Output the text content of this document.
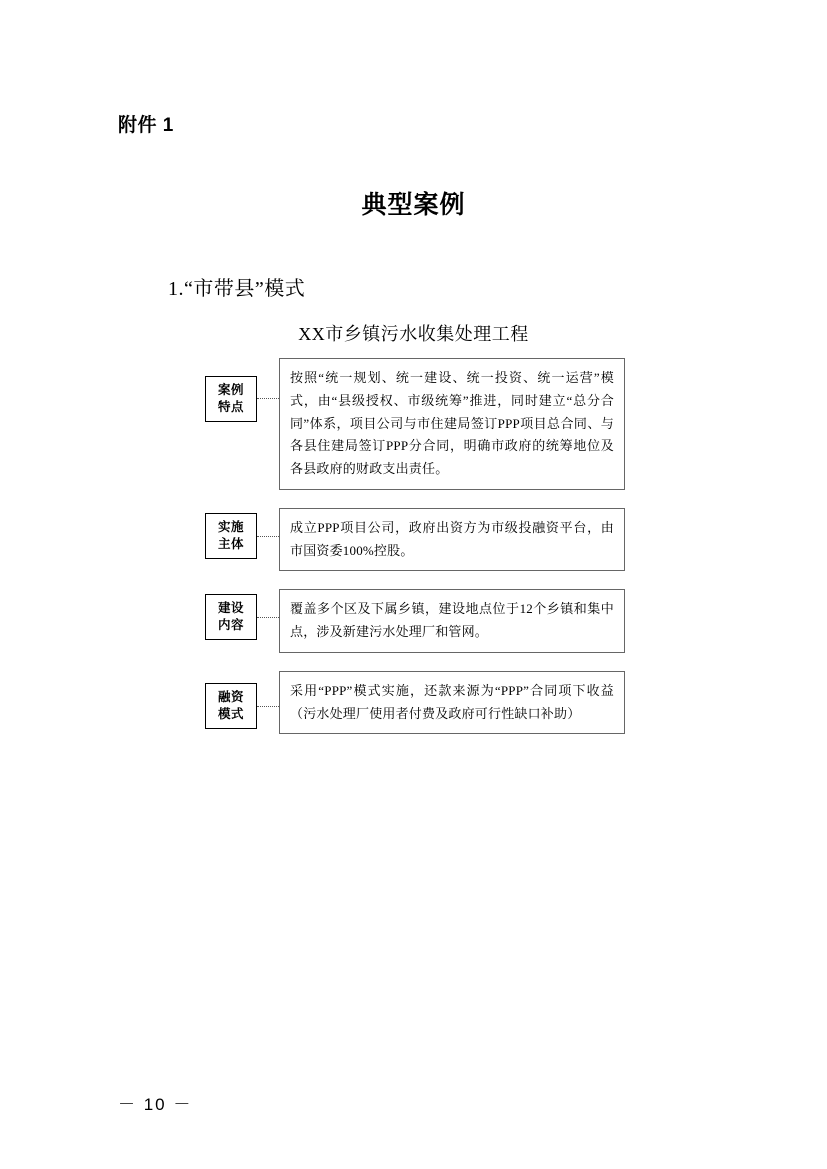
附件 1
典型案例
1.“市带县”模式
XX市乡镇污水收集处理工程
案例
特点
按照“统一规划、统一建设、统一投资、统一运营”模式，由“县级授权、市级统筹”推进，同时建立“总分合同”体系，项目公司与市住建局签订PPP项目总合同、与各县住建局签订PPP分合同，明确市政府的统筹地位及各县政府的财政支出责任。
实施
主体
成立PPP项目公司，政府出资方为市级投融资平台，由市国资委100%控股。
建设
内容
覆盖多个区及下属乡镇，建设地点位于12个乡镇和集中点，涉及新建污水处理厂和管网。
融资
模式
采用“PPP”模式实施，还款来源为“PPP”合同项下收益（污水处理厂使用者付费及政府可行性缺口补助）
－ 10 －
